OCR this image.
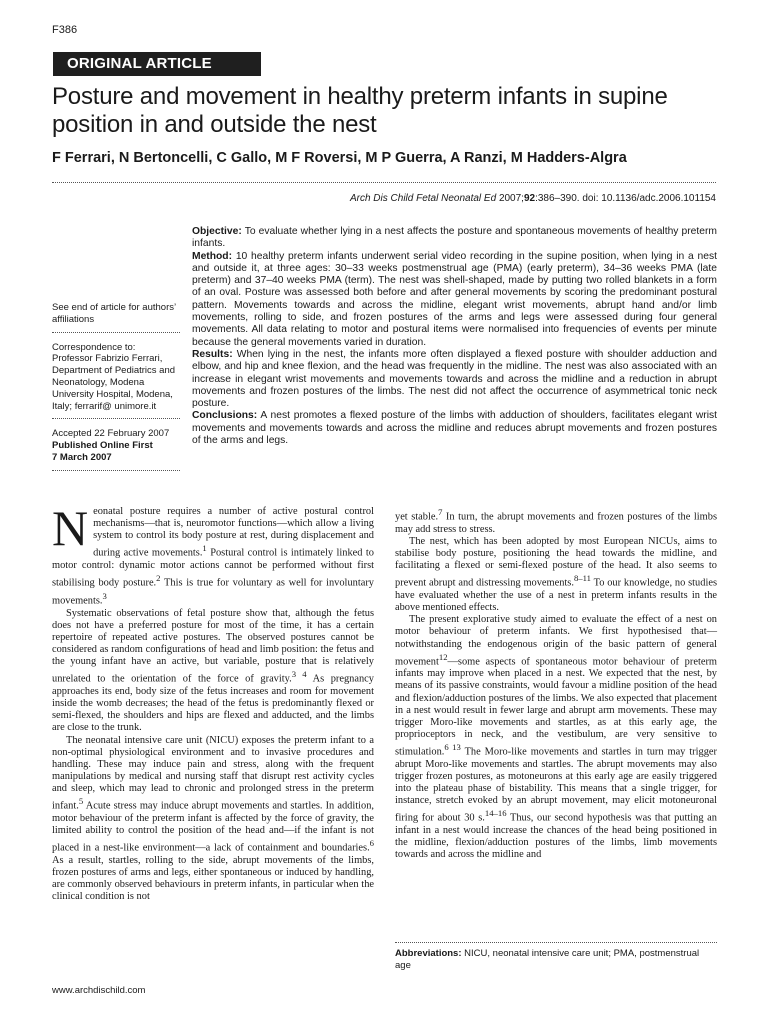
F386
ORIGINAL ARTICLE
Posture and movement in healthy preterm infants in supine position in and outside the nest
F Ferrari, N Bertoncelli, C Gallo, M F Roversi, M P Guerra, A Ranzi, M Hadders-Algra
Arch Dis Child Fetal Neonatal Ed 2007;92:386–390. doi: 10.1136/adc.2006.101154

See end of article for authors’ affiliations

Correspondence to:

Professor Fabrizio Ferrari, Department of Pediatrics and Neonatology, Modena University Hospital, Modena, Italy; ferrarif@ unimore.it

Accepted 22 February 2007

Published Online First

7 March 2007

Objective: To evaluate whether lying in a nest affects the posture and spontaneous movements of healthy preterm infants.

Method: 10 healthy preterm infants underwent serial video recording in the supine position, when lying in a nest and outside it, at three ages: 30–33 weeks postmenstrual age (PMA) (early preterm), 34–36 weeks PMA (late preterm) and 37–40 weeks PMA (term). The nest was shell-shaped, made by putting two rolled blankets in a form of an oval. Posture was assessed both before and after general movements by scoring the predominant postural pattern. Movements towards and across the midline, elegant wrist movements, abrupt hand and/or limb movements, rolling to side, and frozen postures of the arms and legs were assessed during four general movements. All data relating to motor and postural items were normalised into frequencies of events per minute because the general movements varied in duration.

Results: When lying in the nest, the infants more often displayed a flexed posture with shoulder adduction and elbow, and hip and knee flexion, and the head was frequently in the midline. The nest was also associated with an increase in elegant wrist movements and movements towards and across the midline and a reduction in abrupt movements and frozen postures of the limbs. The nest did not affect the occurrence of asymmetrical tonic neck posture.

Conclusions: A nest promotes a flexed posture of the limbs with adduction of shoulders, facilitates elegant wrist movements and movements towards and across the midline and reduces abrupt movements and frozen postures of the arms and legs.

Neonatal posture requires a number of active postural control mechanisms—that is, neuromotor functions—which allow a living system to control its body posture at rest, during displacement and during active movements.$^1$ Postural control is intimately linked to motor control: dynamic motor actions cannot be performed without first stabilising body posture.$^2$ This is true for voluntary as well for involuntary movements.$^3$

Systematic observations of fetal posture show that, although the fetus does not have a preferred posture for most of the time, it has a certain repertoire of repeated active postures. The observed postures cannot be considered as random configurations of head and limb position: the fetus and the young infant have an active, but variable, posture that is relatively unrelated to the orientation of the force of gravity.$^{3 4}$ As pregnancy approaches its end, body size of the fetus increases and room for movement inside the womb decreases; the head of the fetus is predominantly flexed or semi-flexed, the shoulders and hips are flexed and adducted, and the limbs are close to the trunk.

The neonatal intensive care unit (NICU) exposes the preterm infant to a non-optimal physiological environment and to invasive procedures and handling. These may induce pain and stress, along with the frequent manipulations by medical and nursing staff that disrupt rest activity cycles and sleep, which may lead to chronic and prolonged stress in the preterm infant.$^5$ Acute stress may induce abrupt movements and startles. In addition, motor behaviour of the preterm infant is affected by the force of gravity, the limited ability to control the position of the head and—if the infant is not placed in a nest-like environment—a lack of containment and boundaries.$^6$ As a result, startles, rolling to the side, abrupt movements of the limbs, frozen postures of arms and legs, either spontaneous or induced by handling, are commonly observed behaviours in preterm infants, in particular when the clinical condition is not

yet stable.$^7$ In turn, the abrupt movements and frozen postures of the limbs may add stress to stress.

The nest, which has been adopted by most European NICUs, aims to stabilise body posture, positioning the head towards the midline, and facilitating a flexed or semi-flexed posture of the head. It also seems to prevent abrupt and distressing movements.$^{8-11}$ To our knowledge, no studies have evaluated whether the use of a nest in preterm infants results in the above mentioned effects.

The present explorative study aimed to evaluate the effect of a nest on motor behaviour of preterm infants. We first hypothesised that—notwithstanding the endogenous origin of the basic pattern of general movement$^{12}$—some aspects of spontaneous motor behaviour of preterm infants may improve when placed in a nest. We expected that the nest, by means of its passive constraints, would favour a midline position of the head and flexion/adduction postures of the limbs. We also expected that placement in a nest would result in fewer large and abrupt arm movements. These may trigger Moro-like movements and startles, as at this early age, the proprioceptors in neck, and the vestibulum, are very sensitive to stimulation.$^{6 13}$ The Moro-like movements and startles in turn may trigger abrupt Moro-like movements and startles. The abrupt movements may also trigger frozen postures, as motoneurons at this early age are easily triggered into the plateau phase of bistability. This means that a single trigger, for instance, stretch evoked by an abrupt movement, may elicit motoneuronal firing for about 30 s.$^{14-16}$ Thus, our second hypothesis was that putting an infant in a nest would increase the chances of the head being positioned in the midline, flexion/adduction postures of the limbs, limb movements towards and across the midline and

Abbreviations: NICU, neonatal intensive care unit; PMA, postmenstrual age
www.archdischild.com
